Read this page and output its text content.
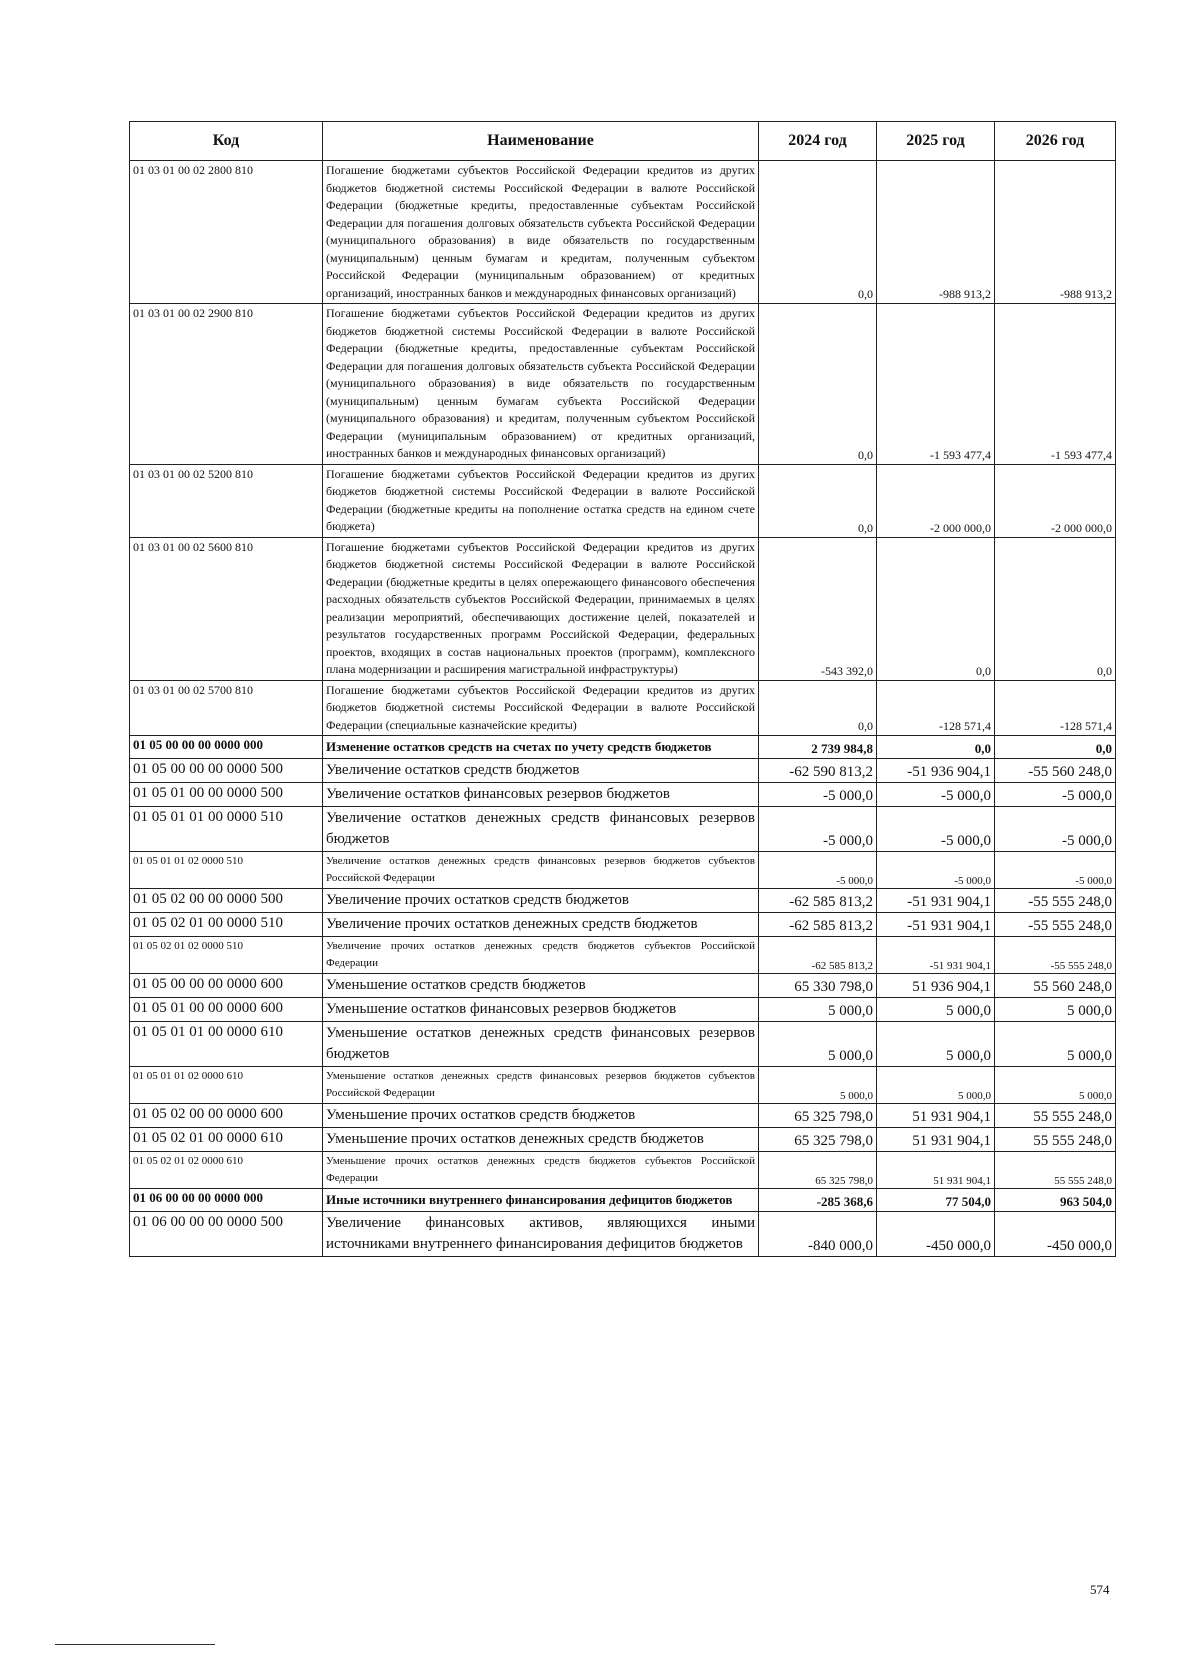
Код	Наименование	2024 год	2025 год	2026 год
01 03 01 00 02 2800 810	Погашение бюджетами субъектов Российской Федерации кредитов из других бюджетов бюджетной системы Российской Федерации в валюте Российской Федерации (бюджетные кредиты, предоставленные субъектам Российской Федерации для погашения долговых обязательств субъекта Российской Федерации (муниципального образования) в виде обязательств по государственным (муниципальным) ценным бумагам и кредитам, полученным субъектом Российской Федерации (муниципальным образованием) от кредитных организаций, иностранных банков и международных финансовых организаций)	0,0	-988 913,2	-988 913,2
01 03 01 00 02 2900 810	Погашение бюджетами субъектов Российской Федерации кредитов из других бюджетов бюджетной системы Российской Федерации в валюте Российской Федерации (бюджетные кредиты, предоставленные субъектам Российской Федерации для погашения долговых обязательств субъекта Российской Федерации (муниципального образования) в виде обязательств по государственным (муниципальным) ценным бумагам субъекта Российской Федерации (муниципального образования) и кредитам, полученным субъектом Российской Федерации (муниципальным образованием) от кредитных организаций, иностранных банков и международных финансовых организаций)	0,0	-1 593 477,4	-1 593 477,4
01 03 01 00 02 5200 810	Погашение бюджетами субъектов Российской Федерации кредитов из других бюджетов бюджетной системы Российской Федерации в валюте Российской Федерации (бюджетные кредиты на пополнение остатка средств на едином счете бюджета)	0,0	-2 000 000,0	-2 000 000,0
01 03 01 00 02 5600 810	Погашение бюджетами субъектов Российской Федерации кредитов из других бюджетов бюджетной системы Российской Федерации в валюте Российской Федерации (бюджетные кредиты в целях опережающего финансового обеспечения расходных обязательств субъектов Российской Федерации, принимаемых в целях реализации мероприятий, обеспечивающих достижение целей, показателей и результатов государственных программ Российской Федерации, федеральных проектов, входящих в состав национальных проектов (программ), комплексного плана модернизации и расширения магистральной инфраструктуры)	-543 392,0	0,0	0,0
01 03 01 00 02 5700 810	Погашение бюджетами субъектов Российской Федерации кредитов из других бюджетов бюджетной системы Российской Федерации в валюте Российской Федерации (специальные казначейские кредиты)	0,0	-128 571,4	-128 571,4
01 05 00 00 00 0000 000	Изменение остатков средств на счетах по учету средств бюджетов	2 739 984,8	0,0	0,0
01 05 00 00 00 0000 500	Увеличение остатков средств бюджетов	-62 590 813,2	-51 936 904,1	-55 560 248,0
01 05 01 00 00 0000 500	Увеличение остатков финансовых резервов бюджетов	-5 000,0	-5 000,0	-5 000,0
01 05 01 01 00 0000 510	Увеличение остатков денежных средств финансовых резервов бюджетов	-5 000,0	-5 000,0	-5 000,0
01 05 01 01 02 0000 510	Увеличение остатков денежных средств финансовых резервов бюджетов субъектов Российской Федерации	-5 000,0	-5 000,0	-5 000,0
01 05 02 00 00 0000 500	Увеличение прочих остатков средств бюджетов	-62 585 813,2	-51 931 904,1	-55 555 248,0
01 05 02 01 00 0000 510	Увеличение прочих остатков денежных средств бюджетов	-62 585 813,2	-51 931 904,1	-55 555 248,0
01 05 02 01 02 0000 510	Увеличение прочих остатков денежных средств бюджетов субъектов Российской Федерации	-62 585 813,2	-51 931 904,1	-55 555 248,0
01 05 00 00 00 0000 600	Уменьшение остатков средств бюджетов	65 330 798,0	51 936 904,1	55 560 248,0
01 05 01 00 00 0000 600	Уменьшение остатков финансовых резервов бюджетов	5 000,0	5 000,0	5 000,0
01 05 01 01 00 0000 610	Уменьшение остатков денежных средств финансовых резервов бюджетов	5 000,0	5 000,0	5 000,0
01 05 01 01 02 0000 610	Уменьшение остатков денежных средств финансовых резервов бюджетов субъектов Российской Федерации	5 000,0	5 000,0	5 000,0
01 05 02 00 00 0000 600	Уменьшение прочих остатков средств бюджетов	65 325 798,0	51 931 904,1	55 555 248,0
01 05 02 01 00 0000 610	Уменьшение прочих остатков денежных средств бюджетов	65 325 798,0	51 931 904,1	55 555 248,0
01 05 02 01 02 0000 610	Уменьшение прочих остатков денежных средств бюджетов субъектов Российской Федерации	65 325 798,0	51 931 904,1	55 555 248,0
01 06 00 00 00 0000 000	Иные источники внутреннего финансирования дефицитов бюджетов	-285 368,6	77 504,0	963 504,0
01 06 00 00 00 0000 500	Увеличение финансовых активов, являющихся иными источниками внутреннего финансирования дефицитов бюджетов	-840 000,0	-450 000,0	-450 000,0
574
